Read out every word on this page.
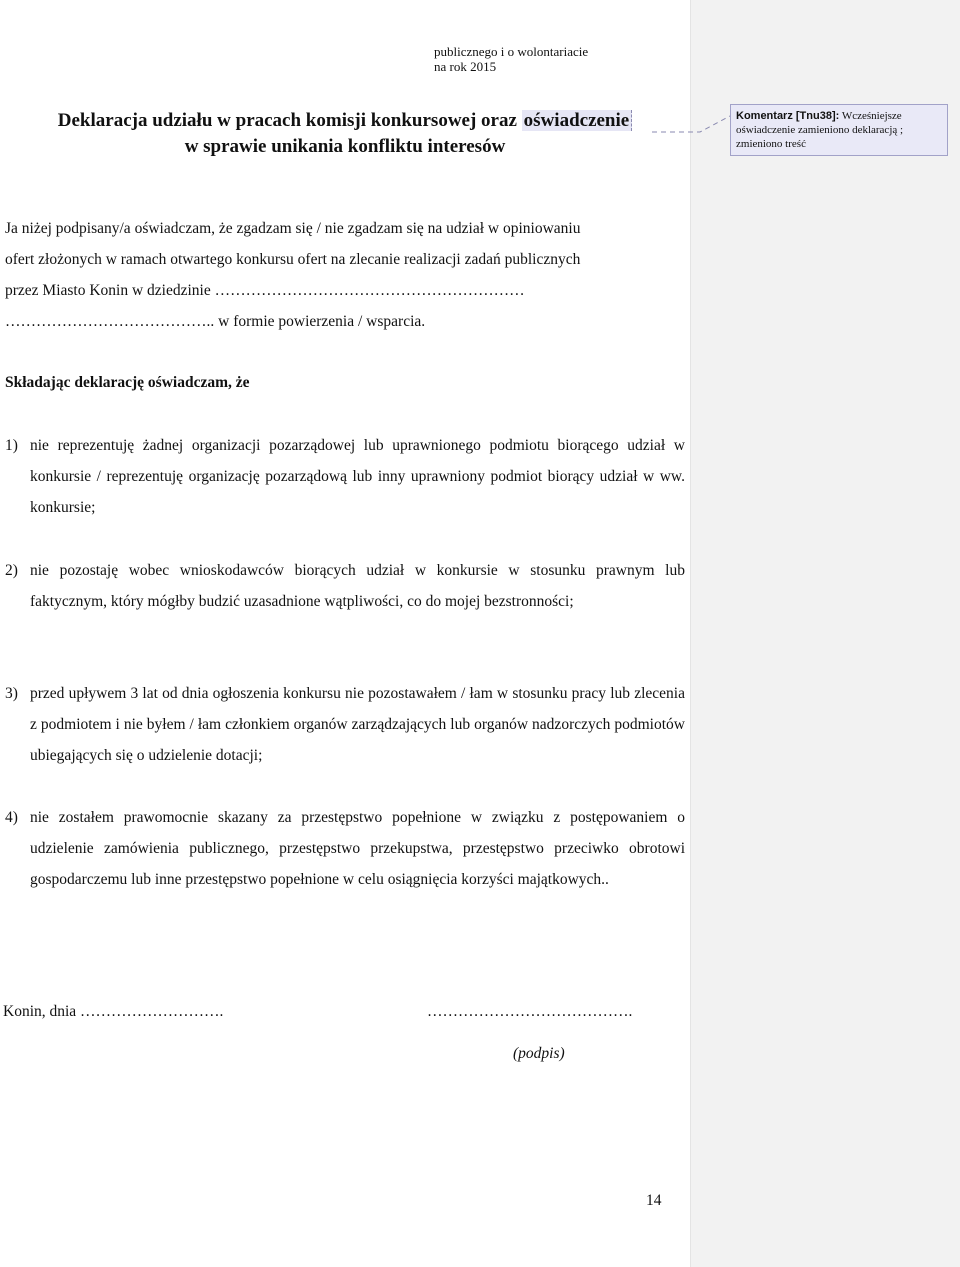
publicznego i o wolontariacie
na rok 2015
Deklaracja udziału w pracach komisji konkursowej oraz oświadczenie
w sprawie unikania konfliktu interesów
Komentarz [Tnu38]: Wcześniejsze oświadczenie zamieniono deklaracją ; zmieniono treść
Ja niżej podpisany/a oświadczam, że zgadzam się / nie zgadzam się na udział w opiniowaniu
ofert złożonych w ramach otwartego konkursu ofert na zlecanie realizacji zadań publicznych
przez Miasto Konin w dziedzinie ……………………………………………………
………………………………….. w formie powierzenia / wsparcia.
Składając deklarację oświadczam, że
1) nie reprezentuję żadnej organizacji pozarządowej lub uprawnionego podmiotu biorącego udział w konkursie / reprezentuję organizację pozarządową lub inny uprawniony podmiot biorący udział w ww. konkursie;
2) nie pozostaję wobec wnioskodawców biorących udział w konkursie w stosunku prawnym lub faktycznym, który mógłby budzić uzasadnione wątpliwości, co do mojej bezstronności;
3) przed upływem 3 lat od dnia ogłoszenia konkursu nie pozostawałem / łam w stosunku pracy lub zlecenia z podmiotem i nie byłem / łam członkiem organów zarządzających lub organów nadzorczych podmiotów ubiegających się o udzielenie dotacji;
4) nie zostałem prawomocnie skazany za przestępstwo popełnione w związku z postępowaniem o udzielenie zamówienia publicznego, przestępstwo przekupstwa, przestępstwo przeciwko obrotowi gospodarczemu lub inne przestępstwo popełnione w celu osiągnięcia korzyści majątkowych..
Konin, dnia ……………………….	………………………………….
(podpis)
14
